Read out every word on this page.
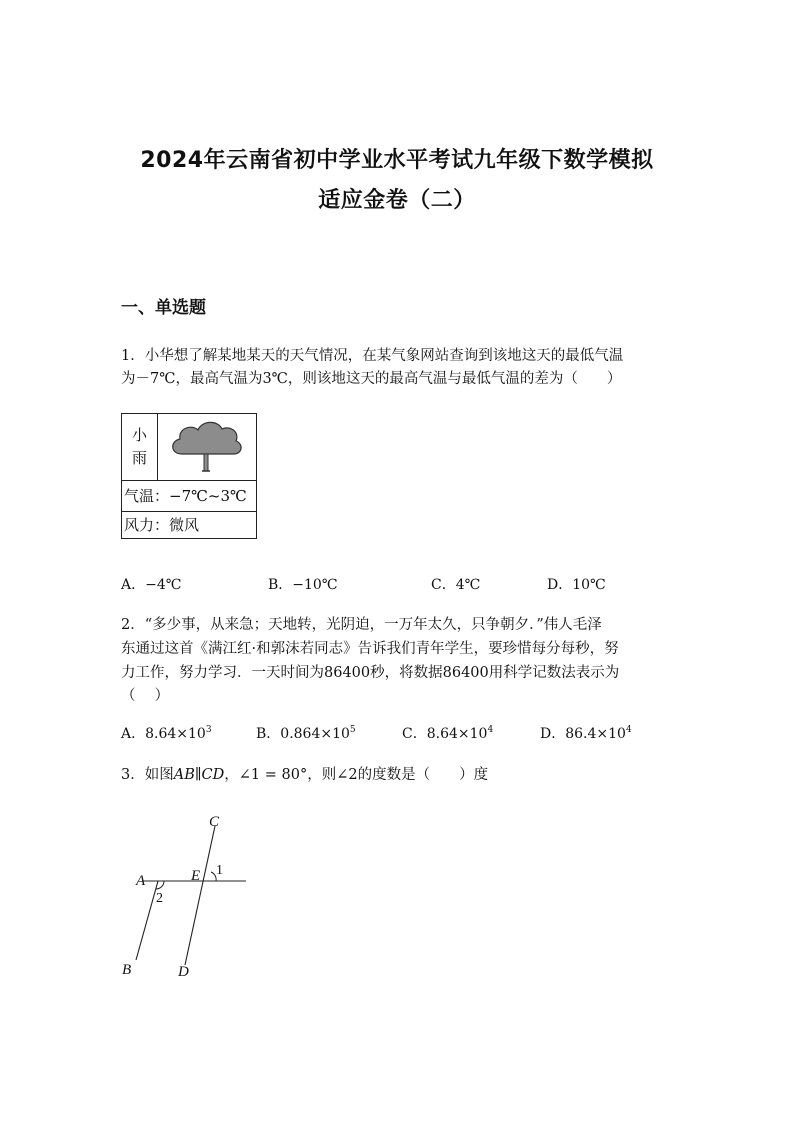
2024年云南省初中学业水平考试九年级下数学模拟
适应金卷（二）
一、单选题
1．小华想了解某地某天的天气情况，在某气象网站查询到该地这天的最低气温
为－7℃，最高气温为3℃，则该地这天的最高气温与最低气温的差为（　　）
小
雨
气温：−7℃~3℃
风力：微风
A．−4℃	B．−10℃	C．4℃	D．10℃
2．“多少事，从来急；天地转，光阴迫，一万年太久，只争朝夕．”伟人毛泽
东通过这首《满江红·和郭沫若同志》告诉我们青年学生，要珍惜每分每秒，努
力工作，努力学习．一天时间为86400秒，将数据86400用科学记数法表示为
（　 ）
A．$8.64\times 10^3$	B．$0.864\times 10^5$	C．$8.64\times 10^4$	D．$86.4\times 10^4$
3．如图AB∥CD，∠1 = 80°，则∠2的度数是（　　）度
A
B
C
D
E 1
2
